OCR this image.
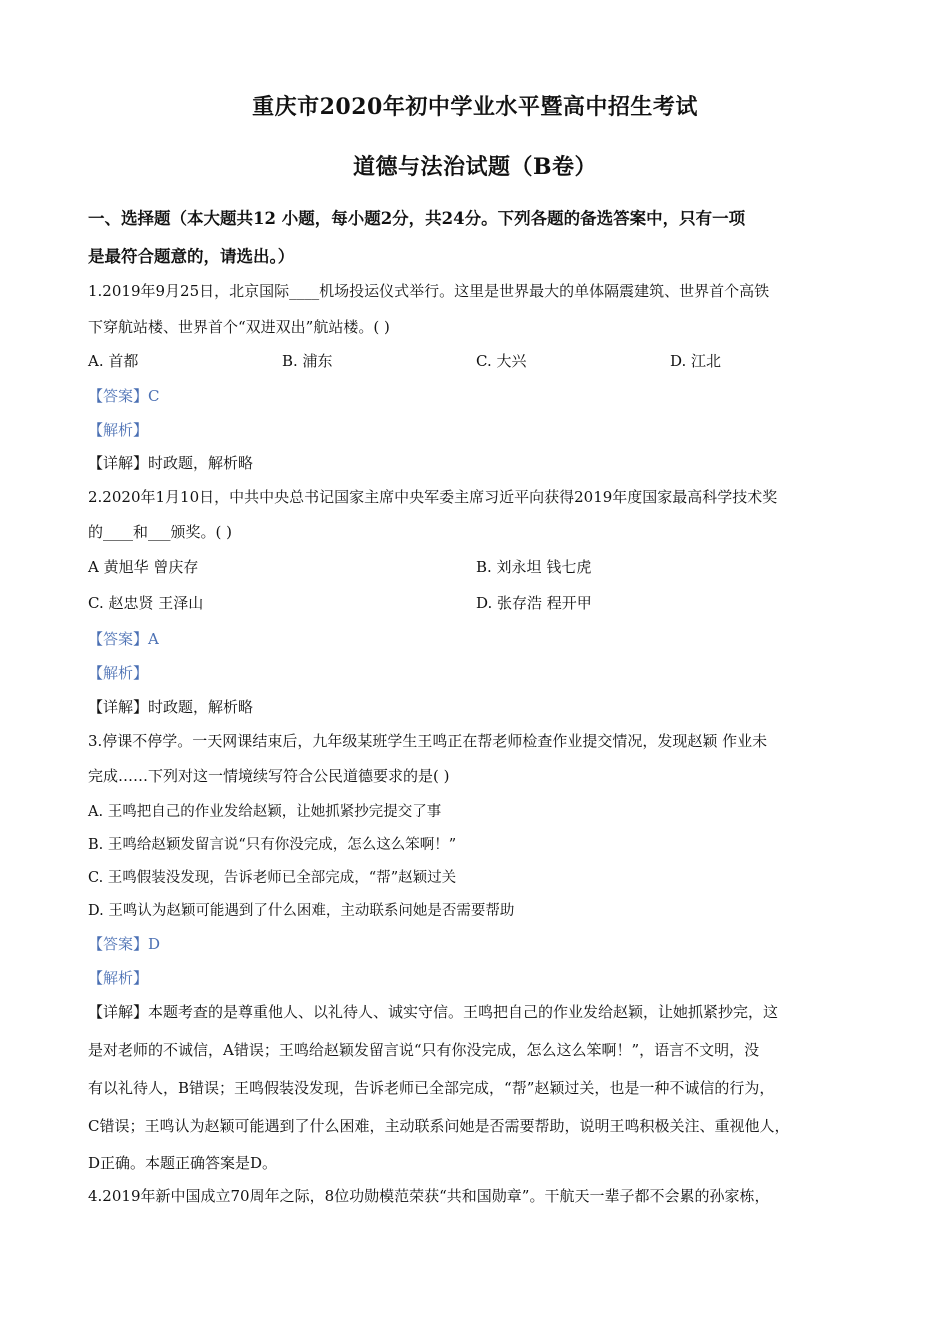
重庆市2020年初中学业水平暨高中招生考试
道德与法治试题（B卷）
一、选择题（本大题共12 小题，每小题2分，共24分。下列各题的备选答案中，只有一项
是最符合题意的，请选出。）
1.2019年9月25日，北京国际____机场投运仪式举行。这里是世界最大的单体隔震建筑、世界首个高铁
下穿航站楼、世界首个“双进双出”航站楼。( )
A. 首都	B. 浦东	C. 大兴	D. 江北
【答案】C
【解析】
【详解】时政题，解析略
2.2020年1月10日，中共中央总书记国家主席中央军委主席习近平向获得2019年度国家最高科学技术奖
的____和___颁奖。( )
A 黄旭华 曾庆存	B. 刘永坦 钱七虎
C. 赵忠贤 王泽山	D. 张存浩 程开甲
【答案】A
【解析】
【详解】时政题，解析略
3.停课不停学。一天网课结束后，九年级某班学生王鸣正在帮老师检查作业提交情况，发现赵颖 作业未
完成……下列对这一情境续写符合公民道德要求的是( )
A. 王鸣把自己的作业发给赵颖，让她抓紧抄完提交了事
B. 王鸣给赵颖发留言说“只有你没完成，怎么这么笨啊！”
C. 王鸣假装没发现，告诉老师已全部完成，“帮”赵颖过关
D. 王鸣认为赵颖可能遇到了什么困难，主动联系问她是否需要帮助
【答案】D
【解析】
【详解】本题考查的是尊重他人、以礼待人、诚实守信。王鸣把自己的作业发给赵颖，让她抓紧抄完，这
是对老师的不诚信，A错误；王鸣给赵颖发留言说“只有你没完成，怎么这么笨啊！”，语言不文明，没
有以礼待人，B错误；王鸣假装没发现，告诉老师已全部完成，“帮”赵颖过关，也是一种不诚信的行为，
C错误；王鸣认为赵颖可能遇到了什么困难，主动联系问她是否需要帮助，说明王鸣积极关注、重视他人，
D正确。本题正确答案是D。
4.2019年新中国成立70周年之际，8位功勋模范荣获“共和国勋章”。干航天一辈子都不会累的孙家栋，
